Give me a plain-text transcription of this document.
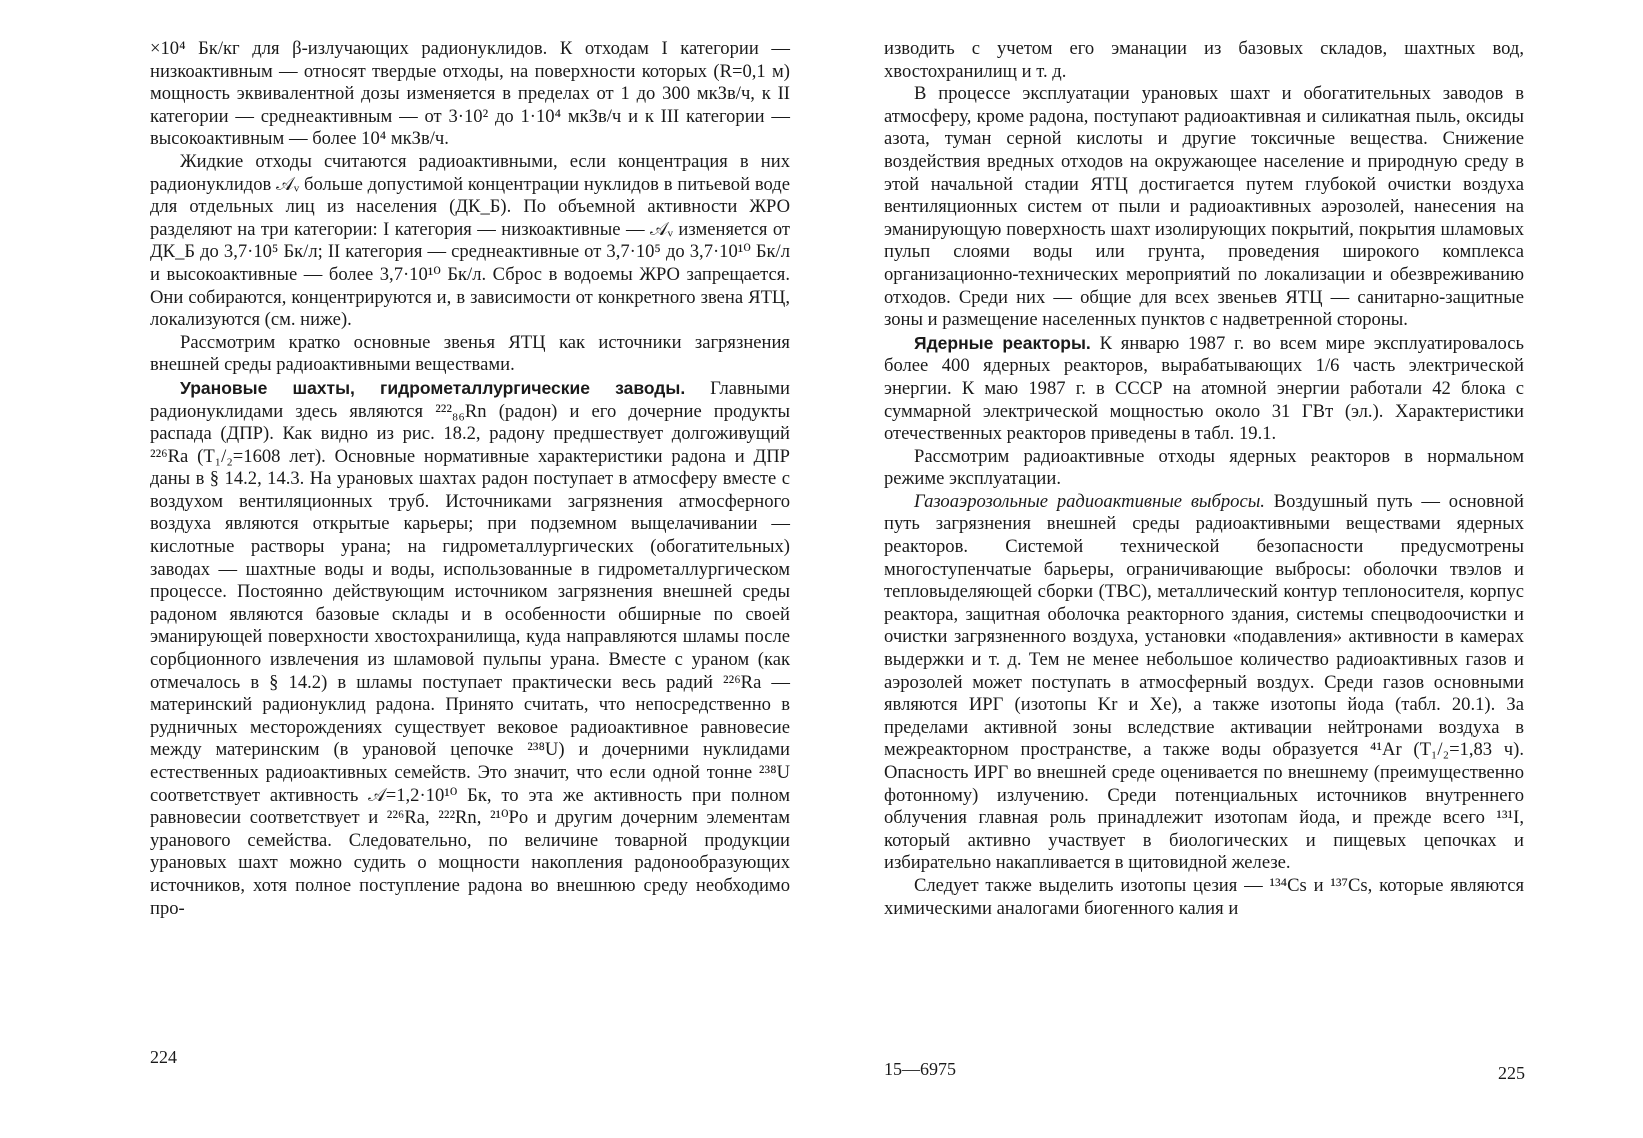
×10⁴ Бк/кг для β-излучающих радионуклидов. К отходам I категории — низкоактивным — относят твердые отходы, на поверхности которых (R=0,1 м) мощность эквивалентной дозы изменяется в пределах от 1 до 300 мкЗв/ч, к II категории — среднеактивным — от 3·10² до 1·10⁴ мкЗв/ч и к III категории — высокоактивным — более 10⁴ мкЗв/ч.

Жидкие отходы считаются радиоактивными, если концентрация в них радионуклидов 𝒜ᵥ больше допустимой концентрации нуклидов в питьевой воде для отдельных лиц из населения (ДК_Б). По объемной активности ЖРО разделяют на три категории: I категория — низкоактивные — 𝒜ᵥ изменяется от ДК_Б до 3,7·10⁵ Бк/л; II категория — среднеактивные от 3,7·10⁵ до 3,7·10¹⁰ Бк/л и высокоактивные — более 3,7·10¹⁰ Бк/л. Сброс в водоемы ЖРО запрещается. Они собираются, концентрируются и, в зависимости от конкретного звена ЯТЦ, локализуются (см. ниже).

Рассмотрим кратко основные звенья ЯТЦ как источники загрязнения внешней среды радиоактивными веществами.

Урановые шахты, гидрометаллургические заводы. Главными радионуклидами здесь являются ²²²₈₆Rn (радон) и его дочерние продукты распада (ДПР). Как видно из рис. 18.2, радону предшествует долгоживущий ²²⁶Ra (T₁/₂=1608 лет). Основные нормативные характеристики радона и ДПР даны в § 14.2, 14.3. На урановых шахтах радон поступает в атмосферу вместе с воздухом вентиляционных труб. Источниками загрязнения атмосферного воздуха являются открытые карьеры; при подземном выщелачивании — кислотные растворы урана; на гидрометаллургических (обогатительных) заводах — шахтные воды и воды, использованные в гидрометаллургическом процессе. Постоянно действующим источником загрязнения внешней среды радоном являются базовые склады и в особенности обширные по своей эманирующей поверхности хвостохранилища, куда направляются шламы после сорбционного извлечения из шламовой пульпы урана. Вместе с ураном (как отмечалось в § 14.2) в шламы поступает практически весь радий ²²⁶Ra — материнский радионуклид радона. Принято считать, что непосредственно в рудничных месторождениях существует вековое радиоактивное равновесие между материнским (в урановой цепочке ²³⁸U) и дочерними нуклидами естественных радиоактивных семейств. Это значит, что если одной тонне ²³⁸U соответствует активность 𝒜=1,2·10¹⁰ Бк, то эта же активность при полном равновесии соответствует и ²²⁶Ra, ²²²Rn, ²¹⁰Po и другим дочерним элементам уранового семейства. Следовательно, по величине товарной продукции урановых шахт можно судить о мощности накопления радонообразующих источников, хотя полное поступление радона во внешнюю среду необходимо про-

изводить с учетом его эманации из базовых складов, шахтных вод, хвостохранилищ и т. д.

В процессе эксплуатации урановых шахт и обогатительных заводов в атмосферу, кроме радона, поступают радиоактивная и силикатная пыль, оксиды азота, туман серной кислоты и другие токсичные вещества. Снижение воздействия вредных отходов на окружающее население и природную среду в этой начальной стадии ЯТЦ достигается путем глубокой очистки воздуха вентиляционных систем от пыли и радиоактивных аэрозолей, нанесения на эманирующую поверхность шахт изолирующих покрытий, покрытия шламовых пульп слоями воды или грунта, проведения широкого комплекса организационно-технических мероприятий по локализации и обезвреживанию отходов. Среди них — общие для всех звеньев ЯТЦ — санитарно-защитные зоны и размещение населенных пунктов с надветренной стороны.

Ядерные реакторы. К январю 1987 г. во всем мире эксплуатировалось более 400 ядерных реакторов, вырабатывающих 1/6 часть электрической энергии. К маю 1987 г. в СССР на атомной энергии работали 42 блока с суммарной электрической мощностью около 31 ГВт (эл.). Характеристики отечественных реакторов приведены в табл. 19.1.

Рассмотрим радиоактивные отходы ядерных реакторов в нормальном режиме эксплуатации.

Газоаэрозольные радиоактивные выбросы. Воздушный путь — основной путь загрязнения внешней среды радиоактивными веществами ядерных реакторов. Системой технической безопасности предусмотрены многоступенчатые барьеры, ограничивающие выбросы: оболочки твэлов и тепловыделяющей сборки (ТВС), металлический контур теплоносителя, корпус реактора, защитная оболочка реакторного здания, системы спецводоочистки и очистки загрязненного воздуха, установки «подавления» активности в камерах выдержки и т. д. Тем не менее небольшое количество радиоактивных газов и аэрозолей может поступать в атмосферный воздух. Среди газов основными являются ИРГ (изотопы Kr и Xe), а также изотопы йода (табл. 20.1). За пределами активной зоны вследствие активации нейтронами воздуха в межреакторном пространстве, а также воды образуется ⁴¹Ar (T₁/₂=1,83 ч). Опасность ИРГ во внешней среде оценивается по внешнему (преимущественно фотонному) излучению. Среди потенциальных источников внутреннего облучения главная роль принадлежит изотопам йода, и прежде всего ¹³¹I, который активно участвует в биологических и пищевых цепочках и избирательно накапливается в щитовидной железе.

Следует также выделить изотопы цезия — ¹³⁴Cs и ¹³⁷Cs, которые являются химическими аналогами биогенного калия и

224
15—6975	225
